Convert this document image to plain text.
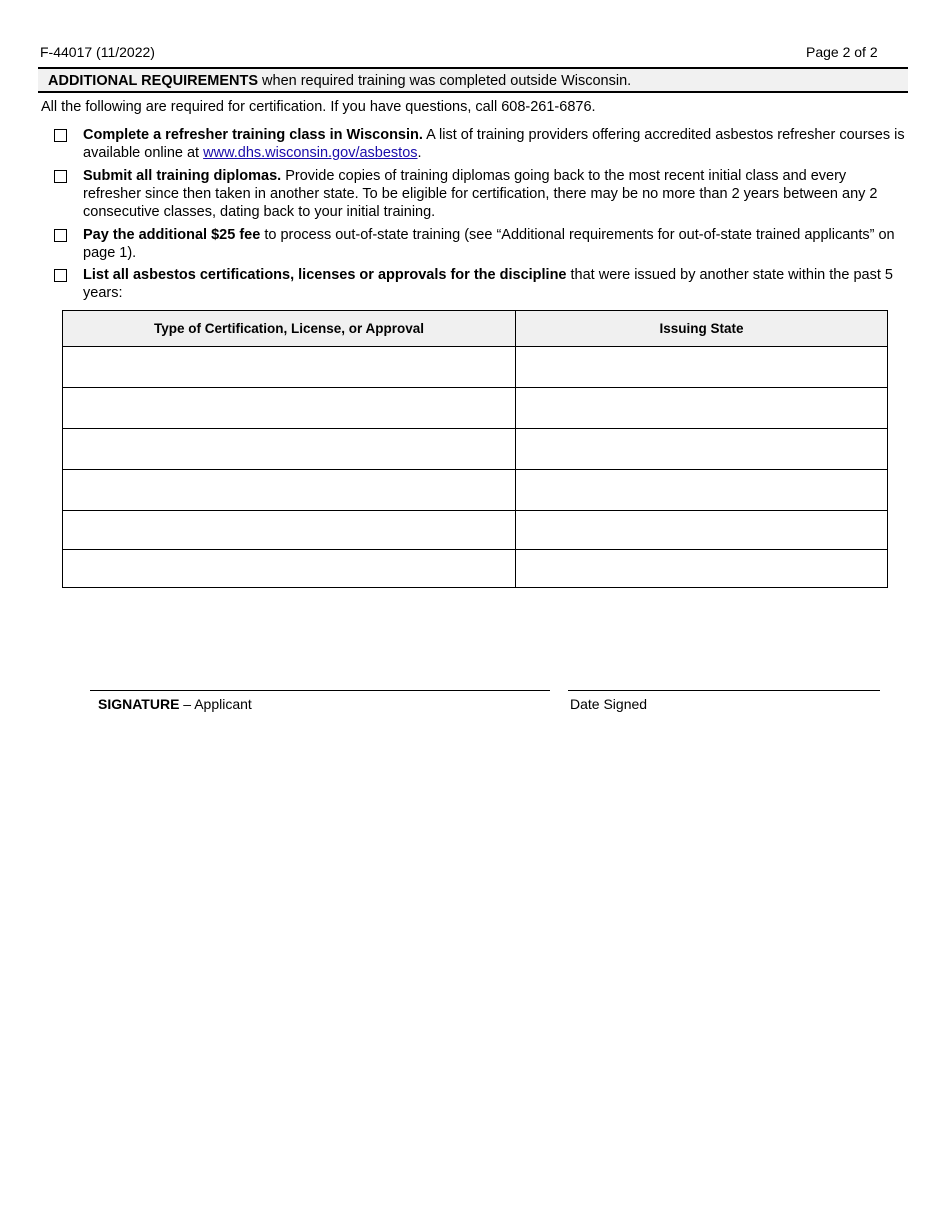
F-44017 (11/2022)	Page 2 of 2
ADDITIONAL REQUIREMENTS when required training was completed outside Wisconsin.
All the following are required for certification. If you have questions, call 608-261-6876.
Complete a refresher training class in Wisconsin. A list of training providers offering accredited asbestos refresher courses is available online at www.dhs.wisconsin.gov/asbestos.
Submit all training diplomas. Provide copies of training diplomas going back to the most recent initial class and every refresher since then taken in another state. To be eligible for certification, there may be no more than 2 years between any 2 consecutive classes, dating back to your initial training.
Pay the additional $25 fee to process out-of-state training (see “Additional requirements for out-of-state trained applicants” on page 1).
List all asbestos certifications, licenses or approvals for the discipline that were issued by another state within the past 5 years:
Type of Certification, License, or Approval	Issuing State

SIGNATURE – Applicant	Date Signed
